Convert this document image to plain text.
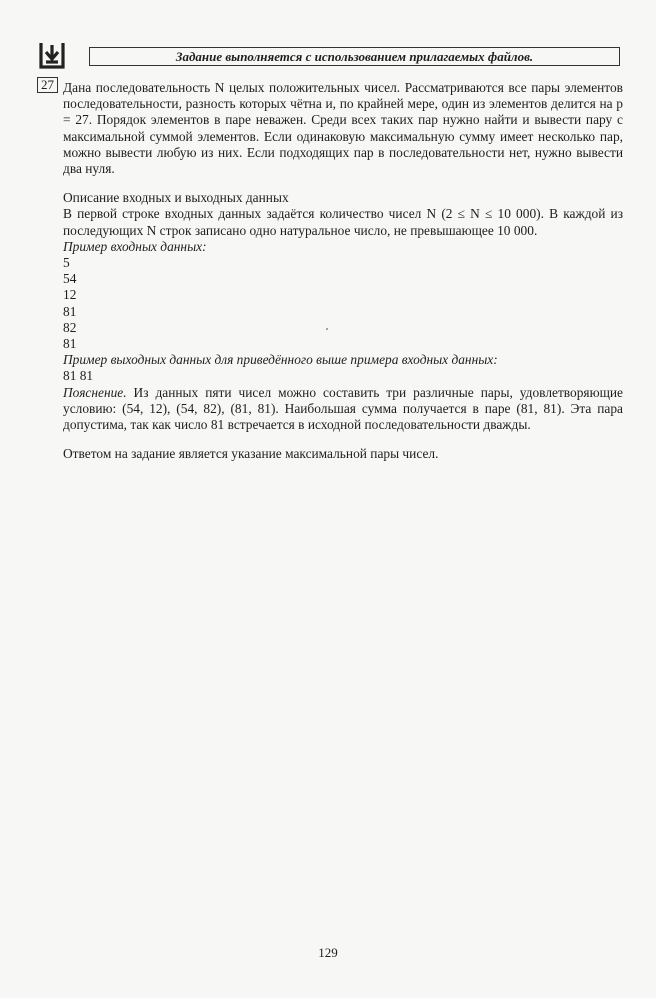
Задание выполняется с использованием прилагаемых файлов.
27 Дана последовательность N целых положительных чисел. Рассматриваются все пары элементов последовательности, разность которых чётна и, по крайней мере, один из элементов делится на p = 27. Порядок элементов в паре неважен. Среди всех таких пар нужно найти и вывести пару с максимальной суммой элементов. Если одинаковую максимальную сумму имеет несколько пар, можно вывести любую из них. Если подходящих пар в последовательности нет, нужно вывести два нуля.

Описание входных и выходных данных

В первой строке входных данных задаётся количество чисел N (2 ≤ N ≤ 10 000). В каждой из последующих N строк записано одно натуральное число, не превышающее 10 000.

Пример входных данных:

5
54
12
81
82
81

Пример выходных данных для приведённого выше примера входных данных:

81 81

Пояснение. Из данных пяти чисел можно составить три различные пары, удовлетворяющие условию: (54, 12), (54, 82), (81, 81). Наибольшая сумма получается в паре (81, 81). Эта пара допустима, так как число 81 встречается в исходной последовательности дважды.

Ответом на задание является указание максимальной пары чисел.

129
